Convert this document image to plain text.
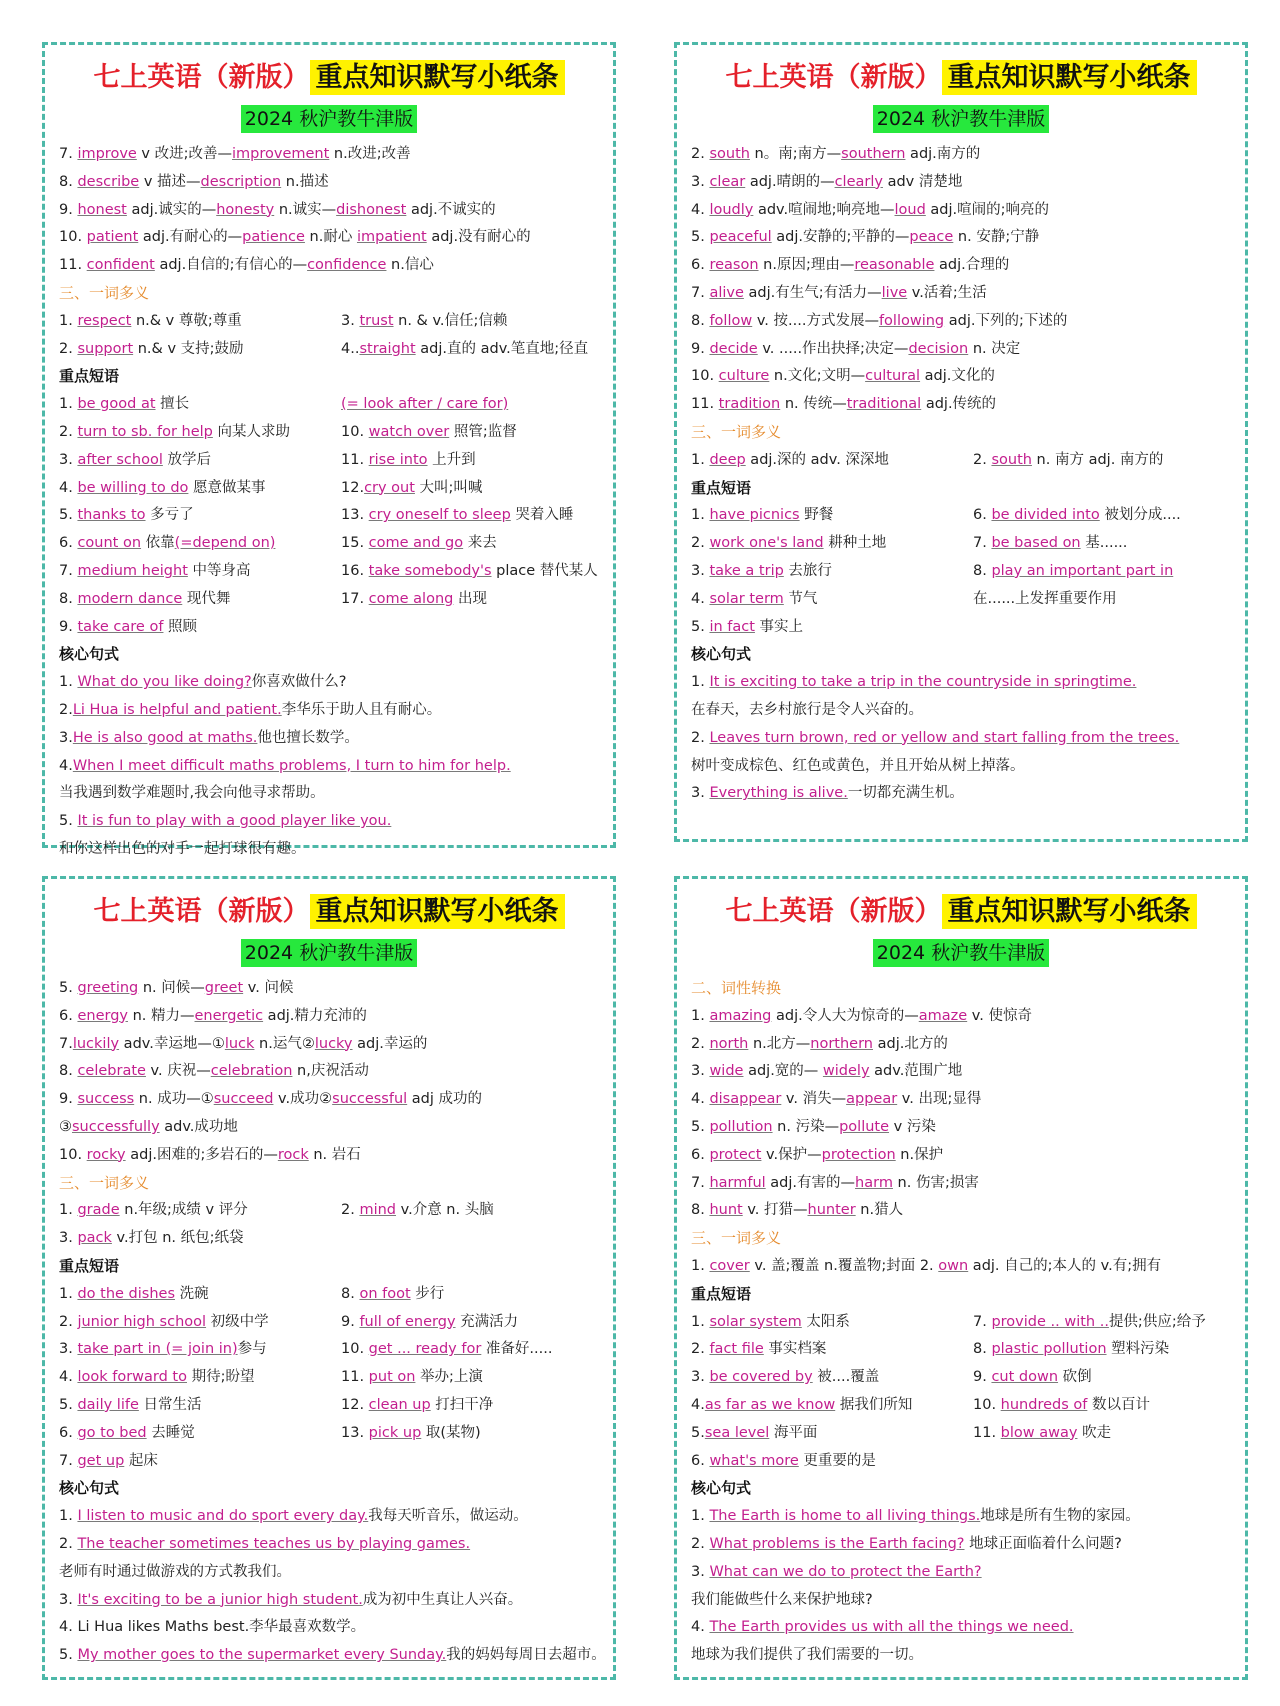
七上英语（新版） 重点知识默写小纸条
2024 秋沪教牛津版
7. improve v 改进;改善—improvement n.改进;改善
8. describe v 描述—description n.描述
9. honest adj.诚实的—honesty n.诚实—dishonest adj.不诚实的
10. patient adj.有耐心的—patience n.耐心 impatient adj.没有耐心的
11. confident adj.自信的;有信心的—confidence n.信心
三、一词多义
1. respect n.& v 尊敬;尊重	3. trust n. & v.信任;信赖
2. support n.& v 支持;鼓励	4..straight adj.直的 adv.笔直地;径直
重点短语
1. be good at 擅长	(= look after / care for)
2. turn to sb. for help 向某人求助	10. watch over 照管;监督
3. after school 放学后	11. rise into 上升到
4. be willing to do 愿意做某事	12.cry out 大叫;叫喊
5. thanks to 多亏了	13. cry oneself to sleep 哭着入睡
6. count on 依靠(=depend on)	15. come and go 来去
7. medium height 中等身高	16. take somebody's place 替代某人
8. modern dance 现代舞	17. come along 出现
9. take care of 照顾
核心句式
1. What do you like doing?你喜欢做什么?
2.Li Hua is helpful and patient.李华乐于助人且有耐心。
3.He is also good at maths.他也擅长数学。
4.When I meet difficult maths problems, I turn to him for help.
当我遇到数学难题时,我会向他寻求帮助。
5. It is fun to play with a good player like you.
和你这样出色的对手一起打球很有趣。
七上英语（新版） 重点知识默写小纸条
2024 秋沪教牛津版
2. south n。南;南方—southern adj.南方的
3. clear adj.晴朗的—clearly adv 清楚地
4. loudly adv.喧闹地;响亮地—loud adj.喧闹的;响亮的
5. peaceful adj.安静的;平静的—peace n. 安静;宁静
6. reason n.原因;理由—reasonable adj.合理的
7. alive adj.有生气;有活力—live v.活着;生活
8. follow v. 按....方式发展—following adj.下列的;下述的
9. decide v. .....作出抉择;决定—decision n. 决定
10. culture n.文化;文明—cultural adj.文化的
11. tradition n. 传统—traditional adj.传统的
三、一词多义
1. deep adj.深的 adv. 深深地	2. south n. 南方 adj. 南方的
重点短语
1. have picnics 野餐	6. be divided into 被划分成....
2. work one's land 耕种土地	7. be based on 基......
3. take a trip 去旅行	8. play an important part in
4. solar term 节气	在......上发挥重要作用
5. in fact 事实上
核心句式
1. It is exciting to take a trip in the countryside in springtime.
在春天，去乡村旅行是令人兴奋的。
2. Leaves turn brown, red or yellow and start falling from the trees.
树叶变成棕色、红色或黄色，并且开始从树上掉落。
3. Everything is alive.一切都充满生机。
七上英语（新版） 重点知识默写小纸条
2024 秋沪教牛津版
5. greeting n. 问候—greet v. 问候
6. energy n. 精力—energetic adj.精力充沛的
7.luckily adv.幸运地—①luck n.运气②lucky adj.幸运的
8. celebrate v. 庆祝—celebration n,庆祝活动
9. success n. 成功—①succeed v.成功②successful adj 成功的
③successfully adv.成功地
10. rocky adj.困难的;多岩石的—rock n. 岩石
三、一词多义
1. grade n.年级;成绩 v 评分	2. mind v.介意 n. 头脑
3. pack v.打包 n. 纸包;纸袋
重点短语
1. do the dishes 洗碗	8. on foot 步行
2. junior high school 初级中学	9. full of energy 充满活力
3. take part in (= join in)参与	10. get ... ready for 准备好.....
4. look forward to 期待;盼望	11. put on 举办;上演
5. daily life 日常生活	12. clean up 打扫干净
6. go to bed 去睡觉	13. pick up 取(某物)
7. get up 起床
核心句式
1. I listen to music and do sport every day.我每天听音乐，做运动。
2. The teacher sometimes teaches us by playing games.
老师有时通过做游戏的方式教我们。
3. It's exciting to be a junior high student.成为初中生真让人兴奋。
4. Li Hua likes Maths best.李华最喜欢数学。
5. My mother goes to the supermarket every Sunday.我的妈妈每周日去超市。
七上英语（新版） 重点知识默写小纸条
2024 秋沪教牛津版
二、词性转换
1. amazing adj.令人大为惊奇的—amaze v. 使惊奇
2. north n.北方—northern adj.北方的
3. wide adj.宽的— widely adv.范围广地
4. disappear v. 消失—appear v. 出现;显得
5. pollution n. 污染—pollute v 污染
6. protect v.保护—protection n.保护
7. harmful adj.有害的—harm n. 伤害;损害
8. hunt v. 打猎—hunter n.猎人
三、一词多义
1. cover v. 盖;覆盖 n.覆盖物;封面 2. own adj. 自己的;本人的 v.有;拥有
重点短语
1. solar system 太阳系	7. provide .. with ..提供;供应;给予
2. fact file 事实档案	8. plastic pollution 塑料污染
3. be covered by 被....覆盖	9. cut down 砍倒
4.as far as we know 据我们所知	10. hundreds of 数以百计
5.sea level 海平面	11. blow away 吹走
6. what's more 更重要的是
核心句式
1. The Earth is home to all living things.地球是所有生物的家园。
2. What problems is the Earth facing? 地球正面临着什么问题?
3. What can we do to protect the Earth?
我们能做些什么来保护地球?
4. The Earth provides us with all the things we need.
地球为我们提供了我们需要的一切。
